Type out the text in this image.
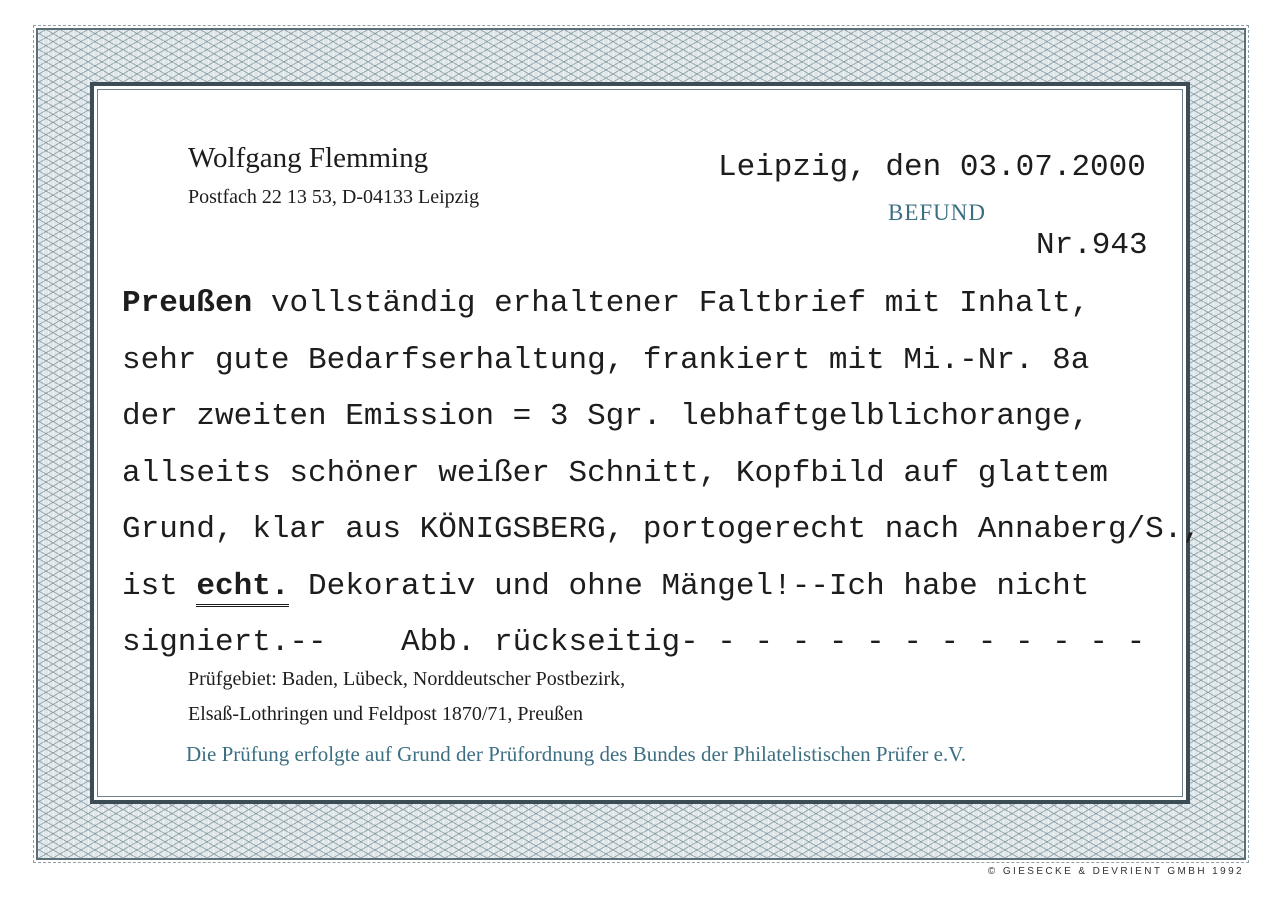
Wolfgang Flemming
Postfach 22 13 53, D-04133 Leipzig
Leipzig, den 03.07.2000
BEFUND
Nr.943
Preußen vollständig erhaltener Faltbrief mit Inhalt,
sehr gute Bedarfserhaltung, frankiert mit Mi.-Nr. 8a
der zweiten Emission = 3 Sgr. lebhaftgelblichorange,
allseits schöner weißer Schnitt, Kopfbild auf glattem
Grund, klar aus KÖNIGSBERG, portogerecht nach Annaberg/S.,
ist echt. Dekorativ und ohne Mängel!--Ich habe nicht
signiert.--    Abb. rückseitig- - - - - - - - - - - - -
Prüfgebiet: Baden, Lübeck, Norddeutscher Postbezirk,
Elsaß-Lothringen und Feldpost 1870/71, Preußen
Die Prüfung erfolgte auf Grund der Prüfordnung des Bundes der Philatelistischen Prüfer e.V.
© GIESECKE & DEVRIENT GMBH 1992
